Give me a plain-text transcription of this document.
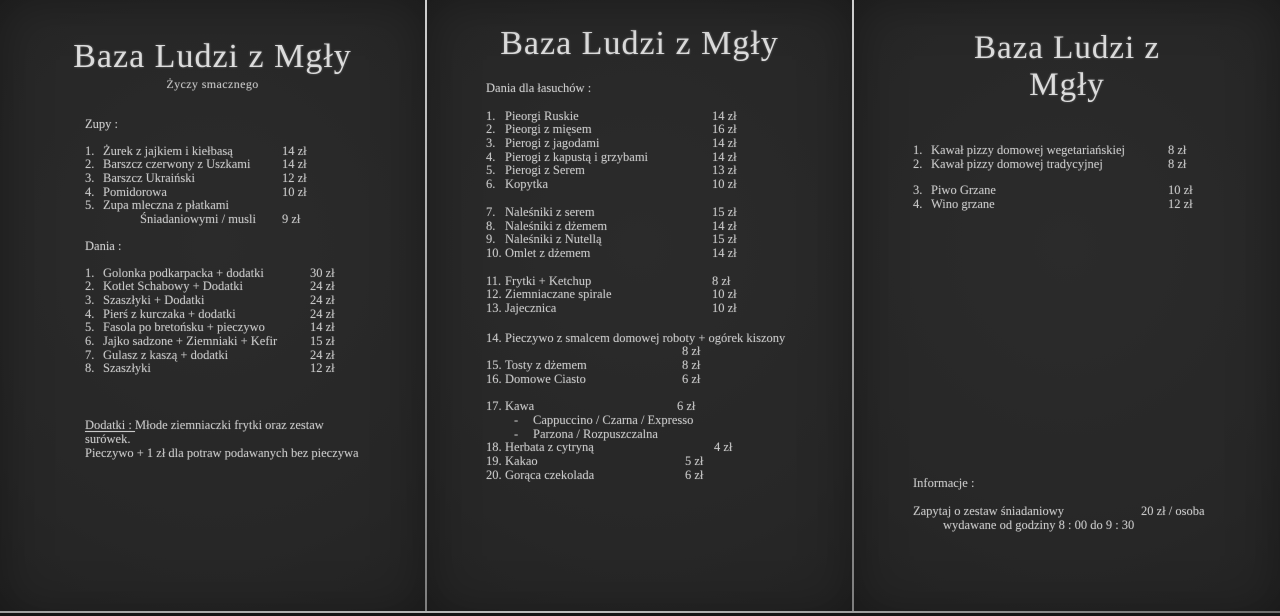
Baza Ludzi z Mgły
Życzy smacznego
Zupy :
1. Żurek z jajkiem i kiełbasą	14 zł
2. Barszcz czerwony z Uszkami	14 zł
3. Barszcz Ukraiński	12 zł
4. Pomidorowa	10 zł
5. Zupa mleczna z płatkami
Śniadaniowymi / musli 9 zł
Dania :
1. Golonka podkarpacka + dodatki	30 zł
2. Kotlet Schabowy + Dodatki	24 zł
3. Szaszłyki + Dodatki	24 zł
4. Pierś z kurczaka + dodatki	24 zł
5. Fasola po bretońsku + pieczywo	14 zł
6. Jajko sadzone + Ziemniaki + Kefir	15 zł
7. Gulasz z kaszą + dodatki	24 zł
8. Szaszłyki	12 zł
Dodatki : Młode ziemniaczki frytki oraz zestaw
surówek.
Pieczywo + 1 zł dla potraw podawanych bez pieczywa
Baza Ludzi z Mgły
Dania dla łasuchów :
1. Pieorgi Ruskie	14 zł
2. Pieorgi z mięsem	16 zł
3. Pierogi z jagodami	14 zł
4. Pierogi z kapustą i grzybami	14 zł
5. Pierogi z Serem	13 zł
6. Kopytka	10 zł
7. Naleśniki z serem	15 zł
8. Naleśniki z dżemem	14 zł
9. Naleśniki z Nutellą	15 zł
10. Omlet z dżemem	14 zł
11. Frytki + Ketchup	8 zł
12. Ziemniaczane spirale	10 zł
13. Jajecznica	10 zł
14. Pieczywo z smalcem domowej roboty + ogórek kiszony
8 zł
15. Tosty z dżemem	8 zł
16. Domowe Ciasto	6 zł
17. Kawa	6 zł
- Cappuccino / Czarna / Expresso
- Parzona / Rozpuszczalna
18. Herbata z cytryną	4 zł
19. Kakao	5 zł
20. Gorąca czekolada	6 zł
Baza Ludzi z Mgły
1. Kawał pizzy domowej wegetariańskiej	8 zł
2. Kawał pizzy domowej tradycyjnej	8 zł
3. Piwo Grzane	10 zł
4. Wino grzane	12 zł
Informacje :
Zapytaj o zestaw śniadaniowy	20 zł / osoba
wydawane od godziny 8 : 00 do 9 : 30
